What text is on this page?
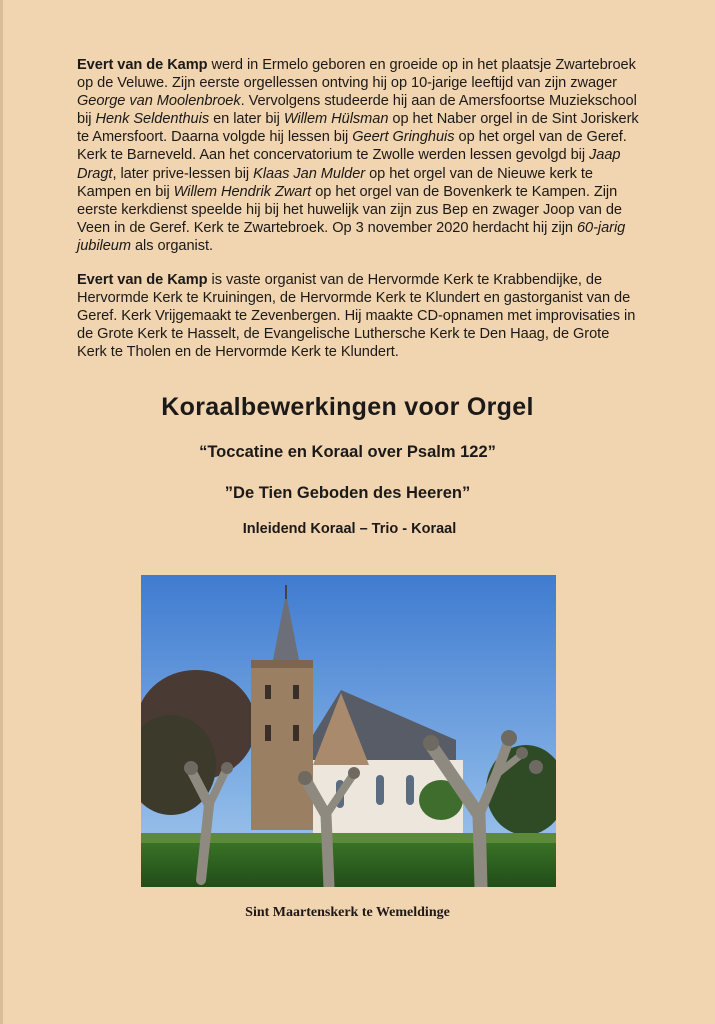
Evert van de Kamp werd in Ermelo geboren en groeide op in het plaatsje Zwartebroek op de Veluwe. Zijn eerste orgellessen ontving hij op 10-jarige leeftijd van zijn zwager George van Moolenbroek. Vervolgens studeerde hij aan de Amersfoortse Muziekschool bij Henk Seldenthuis en later bij Willem Hülsman op het Naber orgel in de Sint Joriskerk te Amersfoort. Daarna volgde hij lessen bij Geert Gringhuis op het orgel van de Geref. Kerk te Barneveld. Aan het concervatorium te Zwolle werden lessen gevolgd bij Jaap Dragt, later prive-lessen bij Klaas Jan Mulder op het orgel van de Nieuwe kerk te Kampen en bij Willem Hendrik Zwart op het orgel van de Bovenkerk te Kampen. Zijn eerste kerkdienst speelde hij bij het huwelijk van zijn zus Bep en zwager Joop van de Veen in de Geref. Kerk te Zwartebroek. Op 3 november 2020 herdacht hij zijn 60-jarig jubileum als organist.

Evert van de Kamp is vaste organist van de Hervormde Kerk te Krabbendijke, de Hervormde Kerk te Kruiningen, de Hervormde Kerk te Klundert en gastorganist van de Geref. Kerk Vrijgemaakt te Zevenbergen. Hij maakte CD-opnamen met improvisaties in de Grote Kerk te Hasselt, de Evangelische Luthersche Kerk te Den Haag, de Grote Kerk te Tholen en de Hervormde Kerk te Klundert.

Koraalbewerkingen voor Orgel
“Toccatine en Koraal over Psalm 122”
”De Tien Geboden des Heeren”
Inleidend Koraal – Trio - Koraal
Sint Maartenskerk te Wemeldinge
